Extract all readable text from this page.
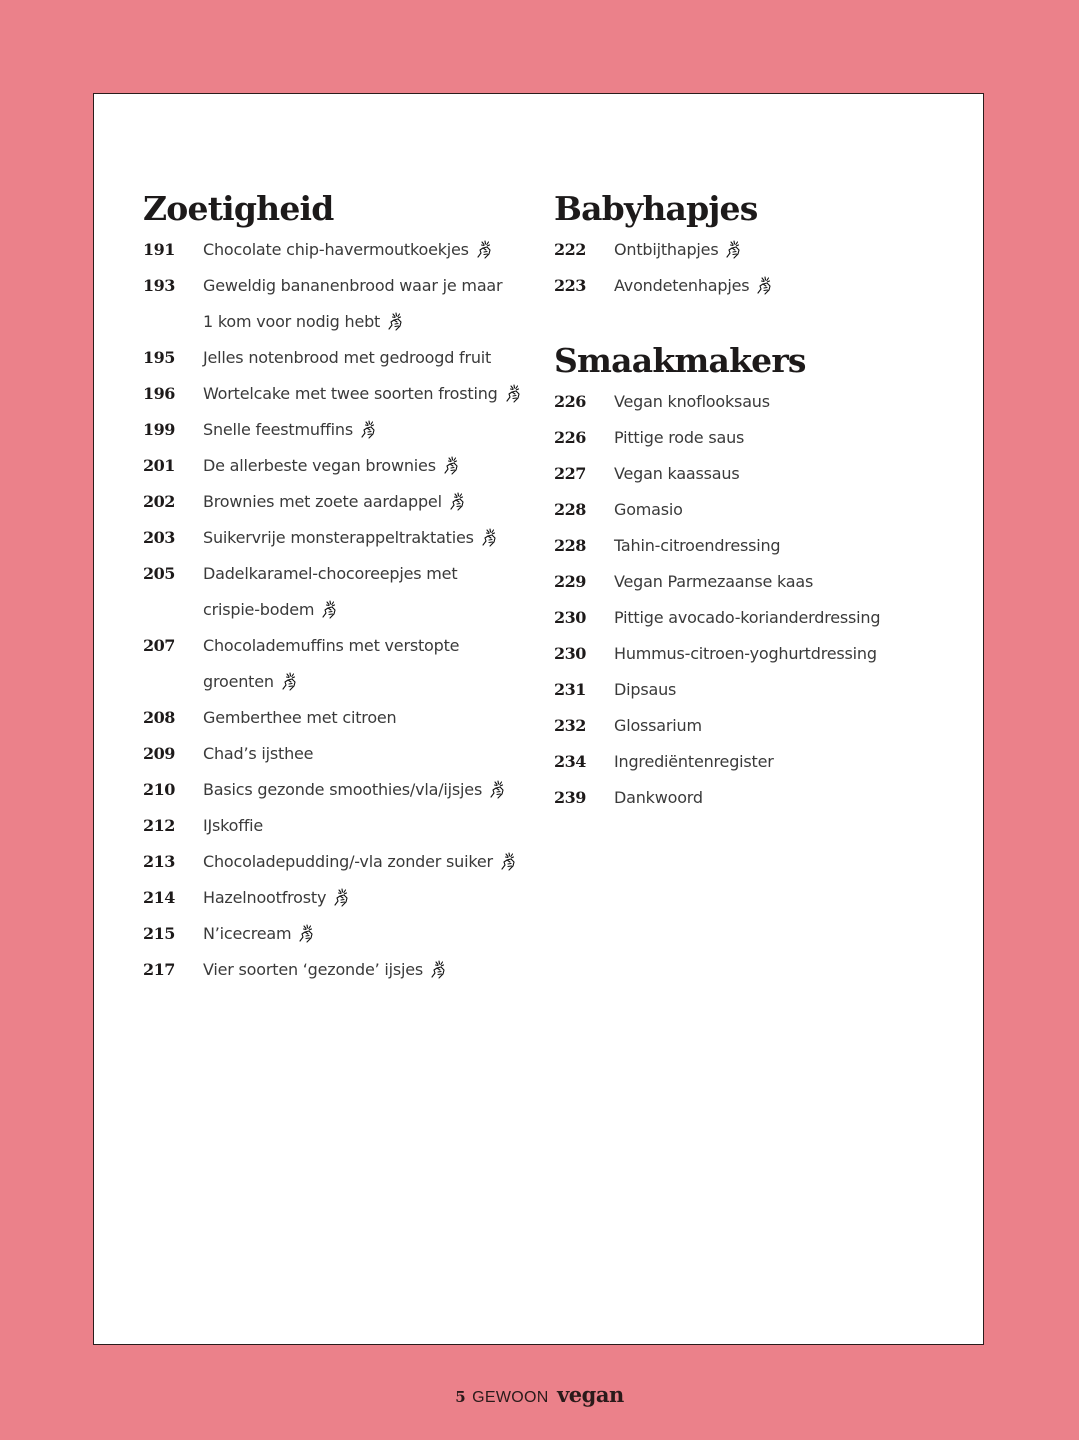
Zoetigheid
191	Chocolate chip-havermoutkoekjes
193	Geweldig bananenbrood waar je maar
1 kom voor nodig hebt
195	Jelles notenbrood met gedroogd fruit
196	Wortelcake met twee soorten frosting
199	Snelle feestmuffins
201	De allerbeste vegan brownies
202	Brownies met zoete aardappel
203	Suikervrije monsterappeltraktaties
205	Dadelkaramel-chocoreepjes met
crispie-bodem
207	Chocolademuffins met verstopte
groenten
208	Gemberthee met citroen
209	Chad’s ijsthee
210	Basics gezonde smoothies/vla/ijsjes
212	IJskoffie
213	Chocoladepudding/-vla zonder suiker
214	Hazelnootfrosty
215	N’icecream
217	Vier soorten ‘gezonde’ ijsjes
Babyhapjes
222	Ontbijthapjes
223	Avondetenhapjes
Smaakmakers
226	Vegan knoflooksaus
226	Pittige rode saus
227	Vegan kaassaus
228	Gomasio
228	Tahin-citroendressing
229	Vegan Parmezaanse kaas
230	Pittige avocado-korianderdressing
230	Hummus-citroen-yoghurtdressing
231	Dipsaus
232	Glossarium
234	Ingrediëntenregister
239	Dankwoord
5 GEWOON vegan
